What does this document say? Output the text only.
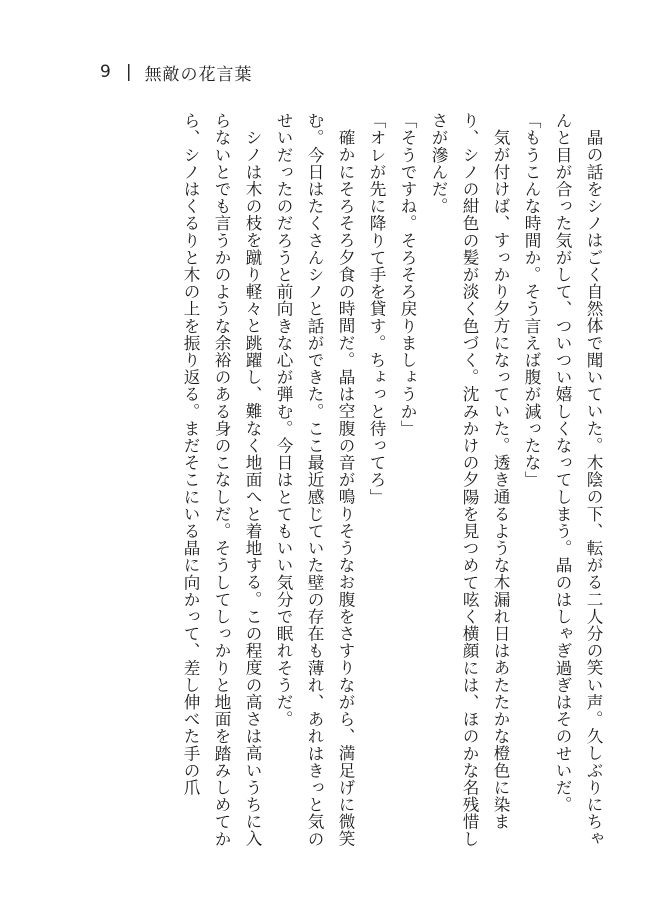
9 | 無敵の花言葉

晶の話をシノはごく自然体で聞いていた。木陰の下、転がる二人分の笑い声。久しぶりにちゃんと目が合った気がして、ついつい嬉しくなってしまう。晶のはしゃぎ過ぎはそのせいだ。

「もうこんな時間か。そう言えば腹が減ったな」

気が付けば、すっかり夕方になっていた。透き通るような木漏れ日はあたたかな橙色に染まり、シノの紺色の髪が淡く色づく。沈みかけの夕陽を見つめて呟く横顔には、ほのかな名残惜しさが滲んだ。

「そうですね。そろそろ戻りましょうか」

「オレが先に降りて手を貸す。ちょっと待ってろ」

確かにそろそろ夕食の時間だ。晶は空腹の音が鳴りそうなお腹をさすりながら、満足げに微笑む。今日はたくさんシノと話ができた。ここ最近感じていた壁の存在も薄れ、あれはきっと気のせいだったのだろうと前向きな心が弾む。今日はとてもいい気分で眠れそうだ。

シノは木の枝を蹴り軽々と跳躍し、難なく地面へと着地する。この程度の高さは高いうちに入らないとでも言うかのような余裕のある身のこなしだ。そうしてしっかりと地面を踏みしめてから、シノはくるりと木の上を振り返る。まだそこにいる晶に向かって、差し伸べた手の爪
